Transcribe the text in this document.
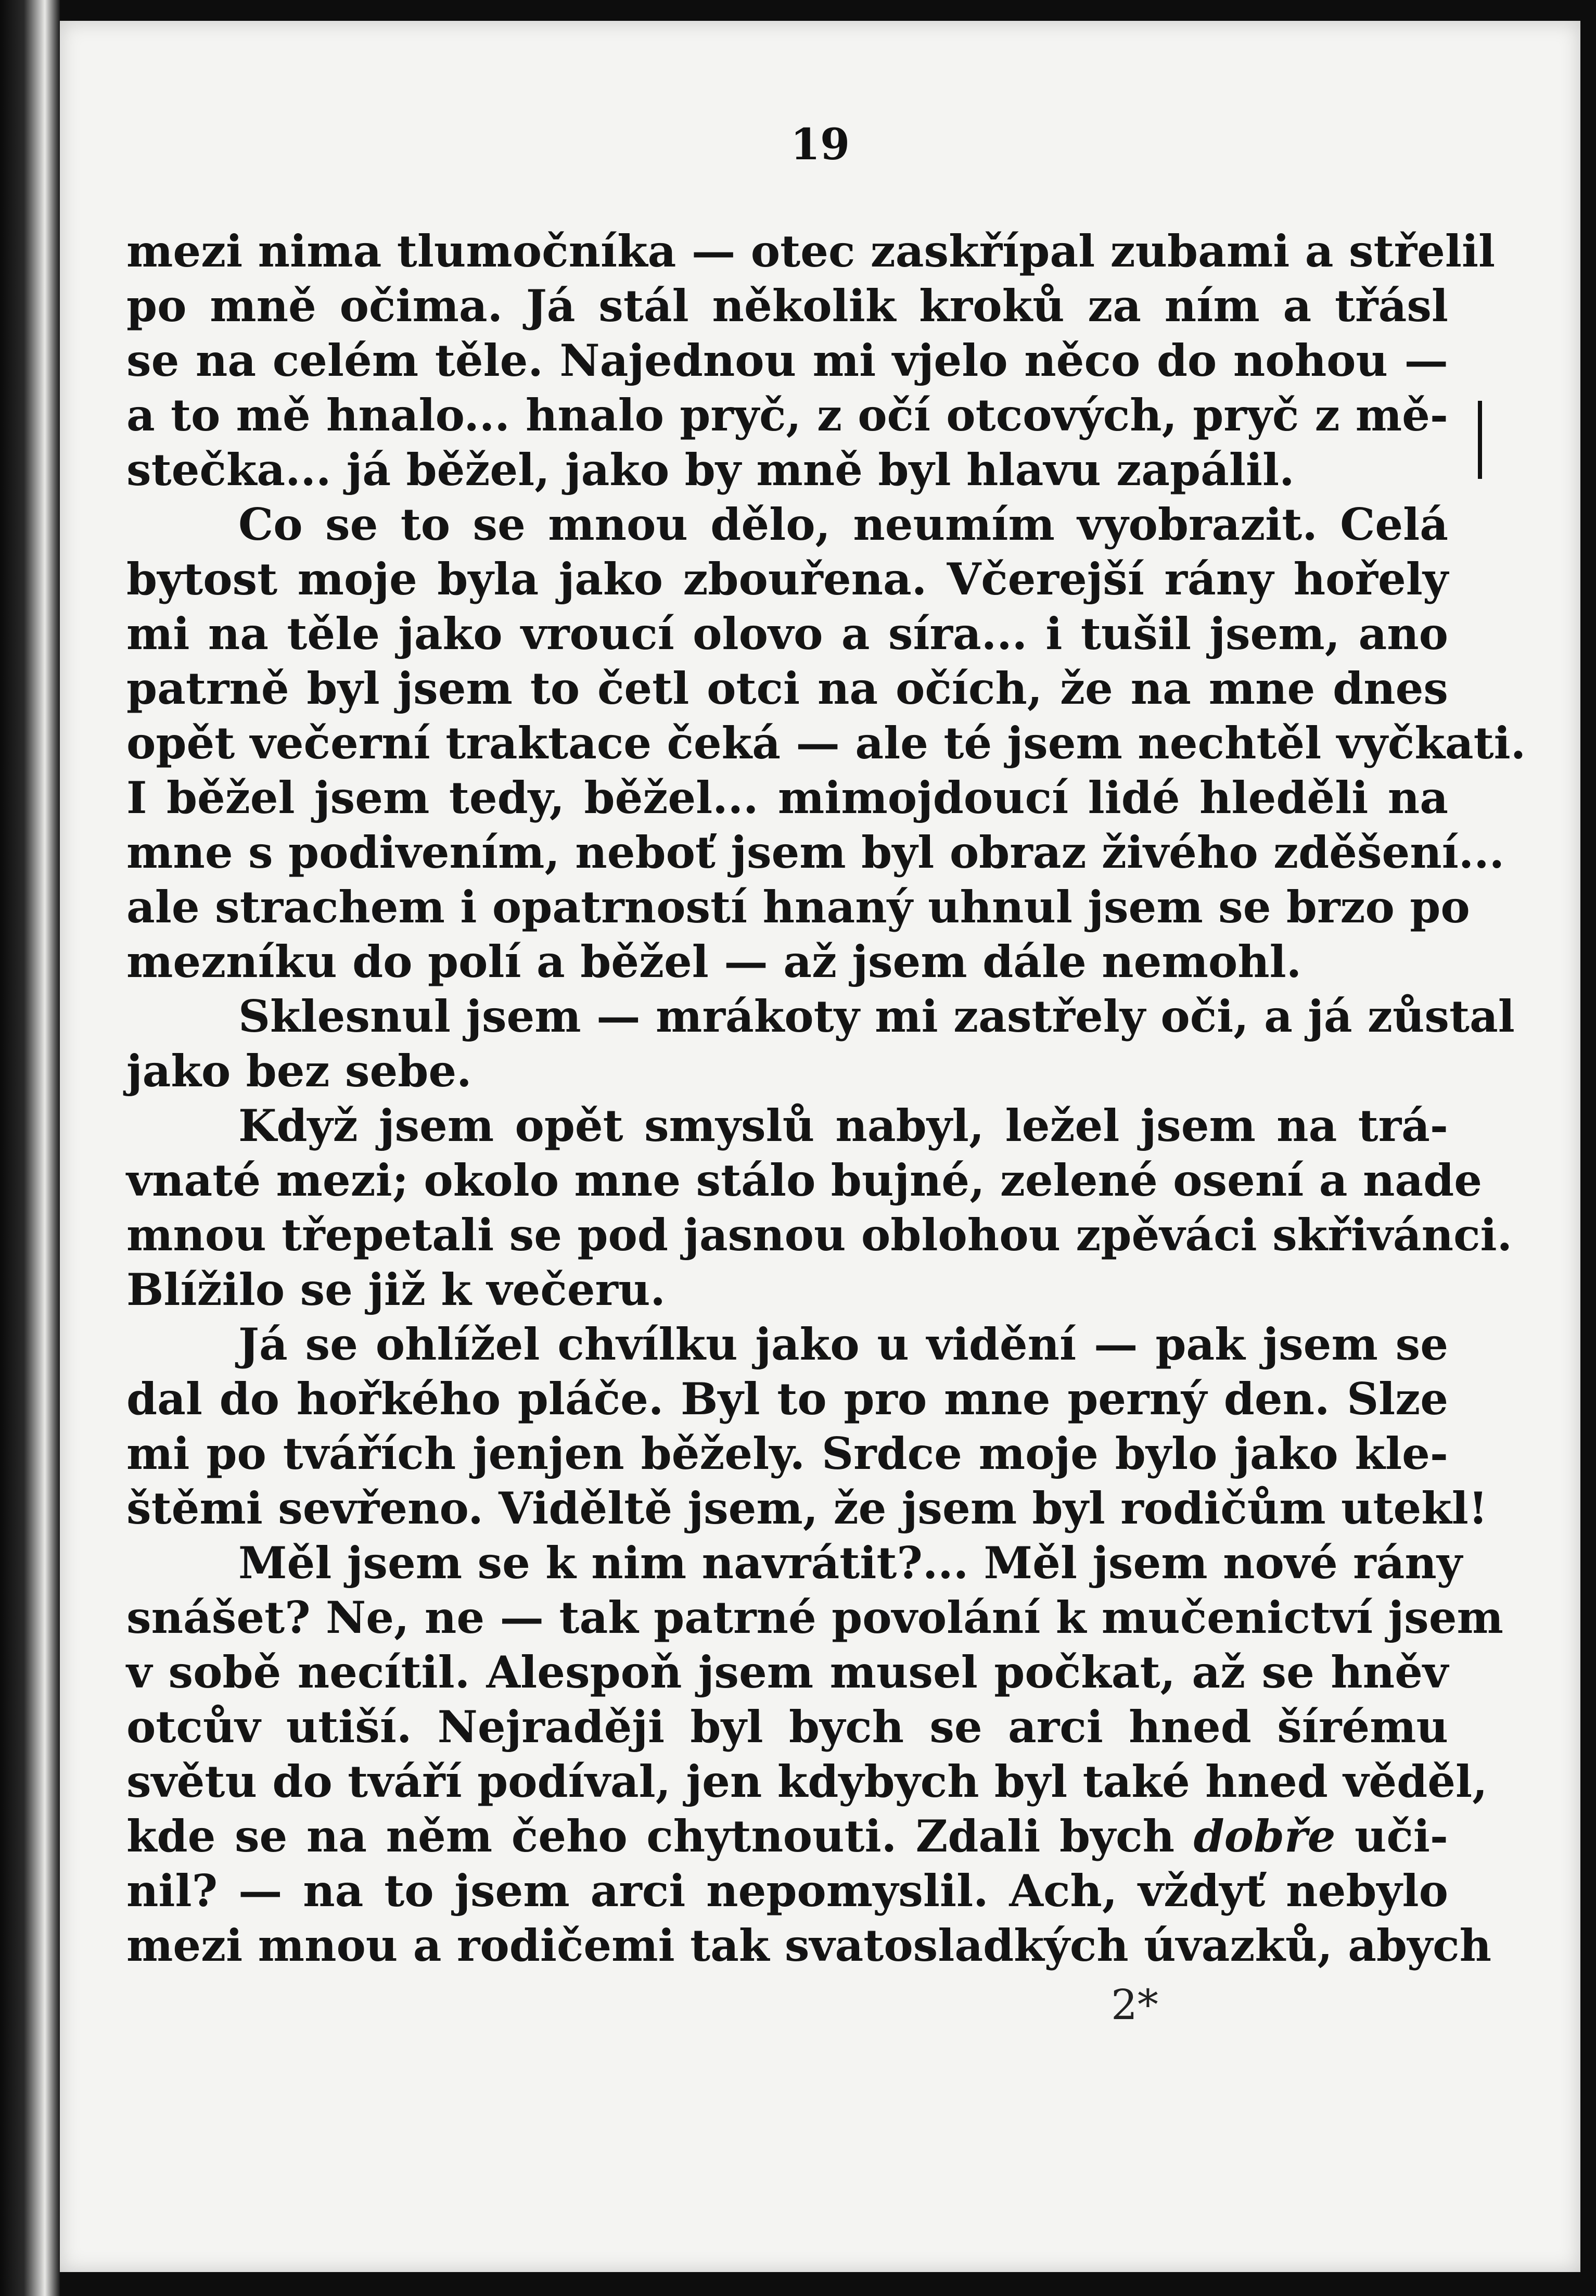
19
mezi nima tlumočníka — otec zaskřípal zubami a střelil
po mně očima. Já stál několik kroků za ním a třásl
se na celém těle. Najednou mi vjelo něco do nohou —
a to mě hnalo... hnalo pryč, z očí otcových, pryč z mě-
stečka... já běžel, jako by mně byl hlavu zapálil.
Co se to se mnou dělo, neumím vyobrazit. Celá
bytost moje byla jako zbouřena. Včerejší rány hořely
mi na těle jako vroucí olovo a síra... i tušil jsem, ano
patrně byl jsem to četl otci na očích, že na mne dnes
opět večerní traktace čeká — ale té jsem nechtěl vyčkati.
I běžel jsem tedy, běžel... mimojdoucí lidé hleděli na
mne s podivením, neboť jsem byl obraz živého zděšení...
ale strachem i opatrností hnaný uhnul jsem se brzo po
mezníku do polí a běžel — až jsem dále nemohl.
Sklesnul jsem — mrákoty mi zastřely oči, a já zůstal
jako bez sebe.
Když jsem opět smyslů nabyl, ležel jsem na trá-
vnaté mezi; okolo mne stálo bujné, zelené osení a nade
mnou třepetali se pod jasnou oblohou zpěváci skřivánci.
Blížilo se již k večeru.
Já se ohlížel chvílku jako u vidění — pak jsem se
dal do hořkého pláče. Byl to pro mne perný den. Slze
mi po tvářích jenjen běžely. Srdce moje bylo jako kle-
štěmi sevřeno. Viděltě jsem, že jsem byl rodičům utekl!
Měl jsem se k nim navrátit?... Měl jsem nové rány
snášet? Ne, ne — tak patrné povolání k mučenictví jsem
v sobě necítil. Alespoň jsem musel počkat, až se hněv
otcův utiší. Nejraději byl bych se arci hned šírému
světu do tváří podíval, jen kdybych byl také hned věděl,
kde se na něm čeho chytnouti. Zdali bych dobře uči-
nil? — na to jsem arci nepomyslil. Ach, vždyť nebylo
mezi mnou a rodičemi tak svatosladkých úvazků, abych
2*
